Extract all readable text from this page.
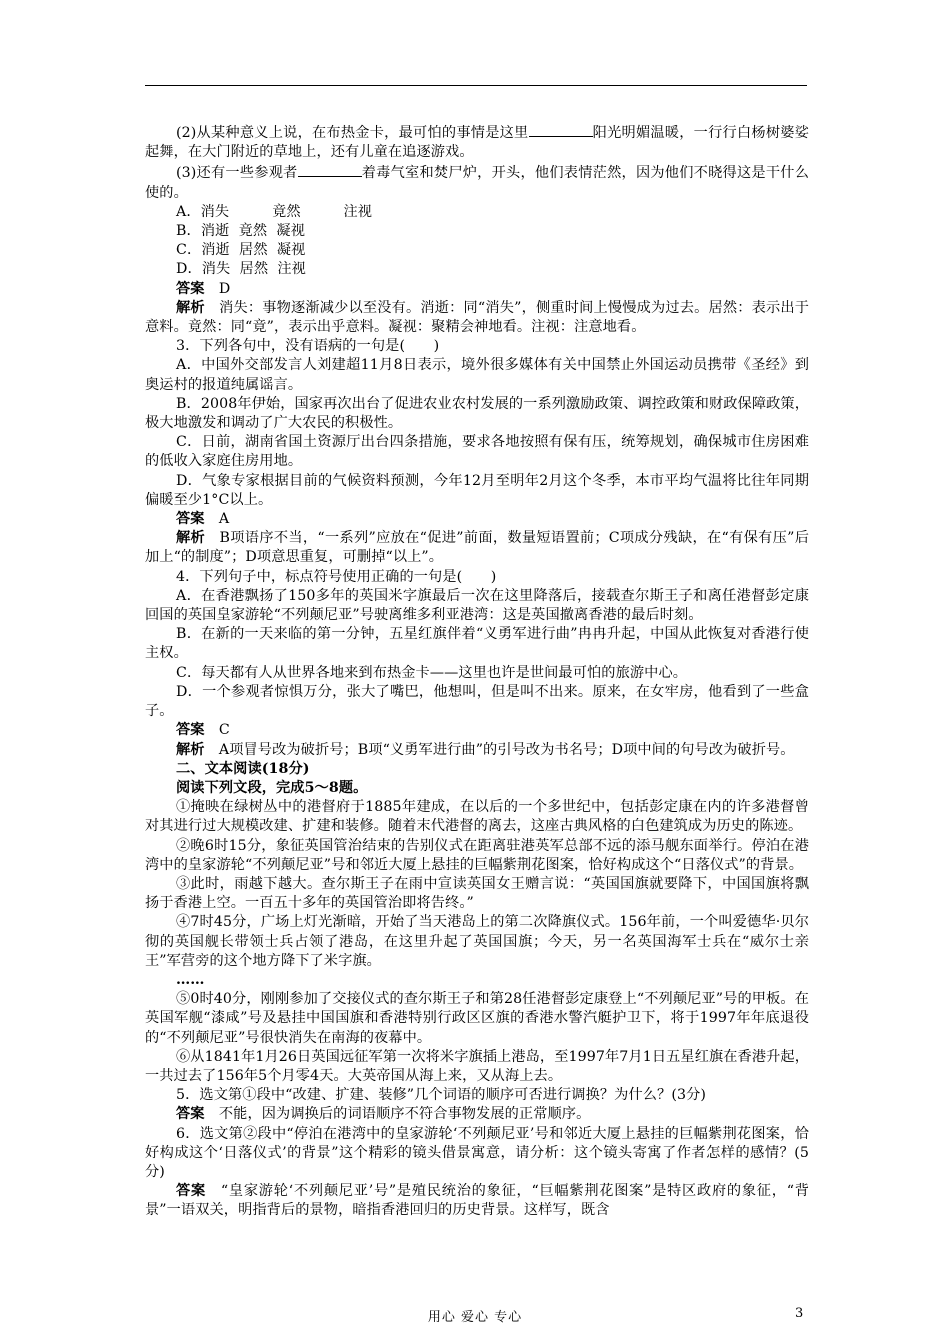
(2)从某种意义上说，在布热金卡，最可怕的事情是这里	阳光明媚温暖，一行行白杨树婆娑起舞，在大门附近的草地上，还有儿童在追逐游戏。

(3)还有一些参观者	着毒气室和焚尸炉，开头，他们表情茫然，因为他们不晓得这是干什么使的。

A．消失　　　竟然　　　注视

B．消逝  竟然  凝视

C．消逝  居然  凝视

D．消失  居然  注视

答案　 D

解析　 消失：事物逐渐减少以至没有。消逝：同“消失”，侧重时间上慢慢成为过去。居然：表示出于意料。竟然：同“竟”，表示出乎意料。凝视：聚精会神地看。注视：注意地看。

3．下列各句中，没有语病的一句是(　　)

A．中国外交部发言人刘建超11月8日表示，境外很多媒体有关中国禁止外国运动员携带《圣经》到奥运村的报道纯属谣言。

B．2008年伊始，国家再次出台了促进农业农村发展的一系列激励政策、调控政策和财政保障政策，极大地激发和调动了广大农民的积极性。

C．日前，湖南省国土资源厅出台四条措施，要求各地按照有保有压，统筹规划，确保城市住房困难的低收入家庭住房用地。

D．气象专家根据目前的气候资料预测，今年12月至明年2月这个冬季，本市平均气温将比往年同期偏暖至少1°C以上。

答案　 A

解析　 B项语序不当，“一系列”应放在“促进”前面，数量短语置前；C项成分残缺，在“有保有压”后加上“的制度”；D项意思重复，可删掉“以上”。

4．下列句子中，标点符号使用正确的一句是(　　)

A．在香港飘扬了150多年的英国米字旗最后一次在这里降落后，接载查尔斯王子和离任港督彭定康回国的英国皇家游轮“不列颠尼亚”号驶离维多利亚港湾：这是英国撤离香港的最后时刻。

B．在新的一天来临的第一分钟，五星红旗伴着“义勇军进行曲”冉冉升起，中国从此恢复对香港行使主权。

C．每天都有人从世界各地来到布热金卡——这里也许是世间最可怕的旅游中心。

D．一个参观者惊惧万分，张大了嘴巴，他想叫，但是叫不出来。原来，在女牢房，他看到了一些盒子。

答案　 C

解析　 A项冒号改为破折号；B项“义勇军进行曲”的引号改为书名号；D项中间的句号改为破折号。

二、文本阅读(18分)

阅读下列文段，完成5～8题。

①掩映在绿树丛中的港督府于1885年建成，在以后的一个多世纪中，包括彭定康在内的许多港督曾对其进行过大规模改建、扩建和装修。随着末代港督的离去，这座古典风格的白色建筑成为历史的陈迹。

②晚6时15分，象征英国管治结束的告别仪式在距离驻港英军总部不远的添马舰东面举行。停泊在港湾中的皇家游轮“不列颠尼亚”号和邻近大厦上悬挂的巨幅紫荆花图案，恰好构成这个“日落仪式”的背景。

③此时，雨越下越大。查尔斯王子在雨中宣读英国女王赠言说：“英国国旗就要降下，中国国旗将飘扬于香港上空。一百五十多年的英国管治即将告终。”

④7时45分，广场上灯光渐暗，开始了当天港岛上的第二次降旗仪式。156年前，一个叫爱德华·贝尔彻的英国舰长带领士兵占领了港岛，在这里升起了英国国旗；今天，另一名英国海军士兵在“威尔士亲王”军营旁的这个地方降下了米字旗。

……

⑤0时40分，刚刚参加了交接仪式的查尔斯王子和第28任港督彭定康登上“不列颠尼亚”号的甲板。在英国军舰“漆咸”号及悬挂中国国旗和香港特别行政区区旗的香港水警汽艇护卫下，将于1997年年底退役的“不列颠尼亚”号很快消失在南海的夜幕中。

⑥从1841年1月26日英国远征军第一次将米字旗插上港岛，至1997年7月1日五星红旗在香港升起，一共过去了156年5个月零4天。大英帝国从海上来，又从海上去。

5．选文第①段中“改建、扩建、装修”几个词语的顺序可否进行调换？为什么？(3分)

答案　 不能，因为调换后的词语顺序不符合事物发展的正常顺序。

6．选文第②段中“停泊在港湾中的皇家游轮‘不列颠尼亚’号和邻近大厦上悬挂的巨幅紫荆花图案，恰好构成这个‘日落仪式’的背景”这个精彩的镜头借景寓意，请分析：这个镜头寄寓了作者怎样的感情？(5分)

答案　 “皇家游轮‘不列颠尼亚’号”是殖民统治的象征，“巨幅紫荆花图案”是特区政府的象征，“背景”一语双关，明指背后的景物，暗指香港回归的历史背景。这样写，既含

用心 爱心 专心	3
